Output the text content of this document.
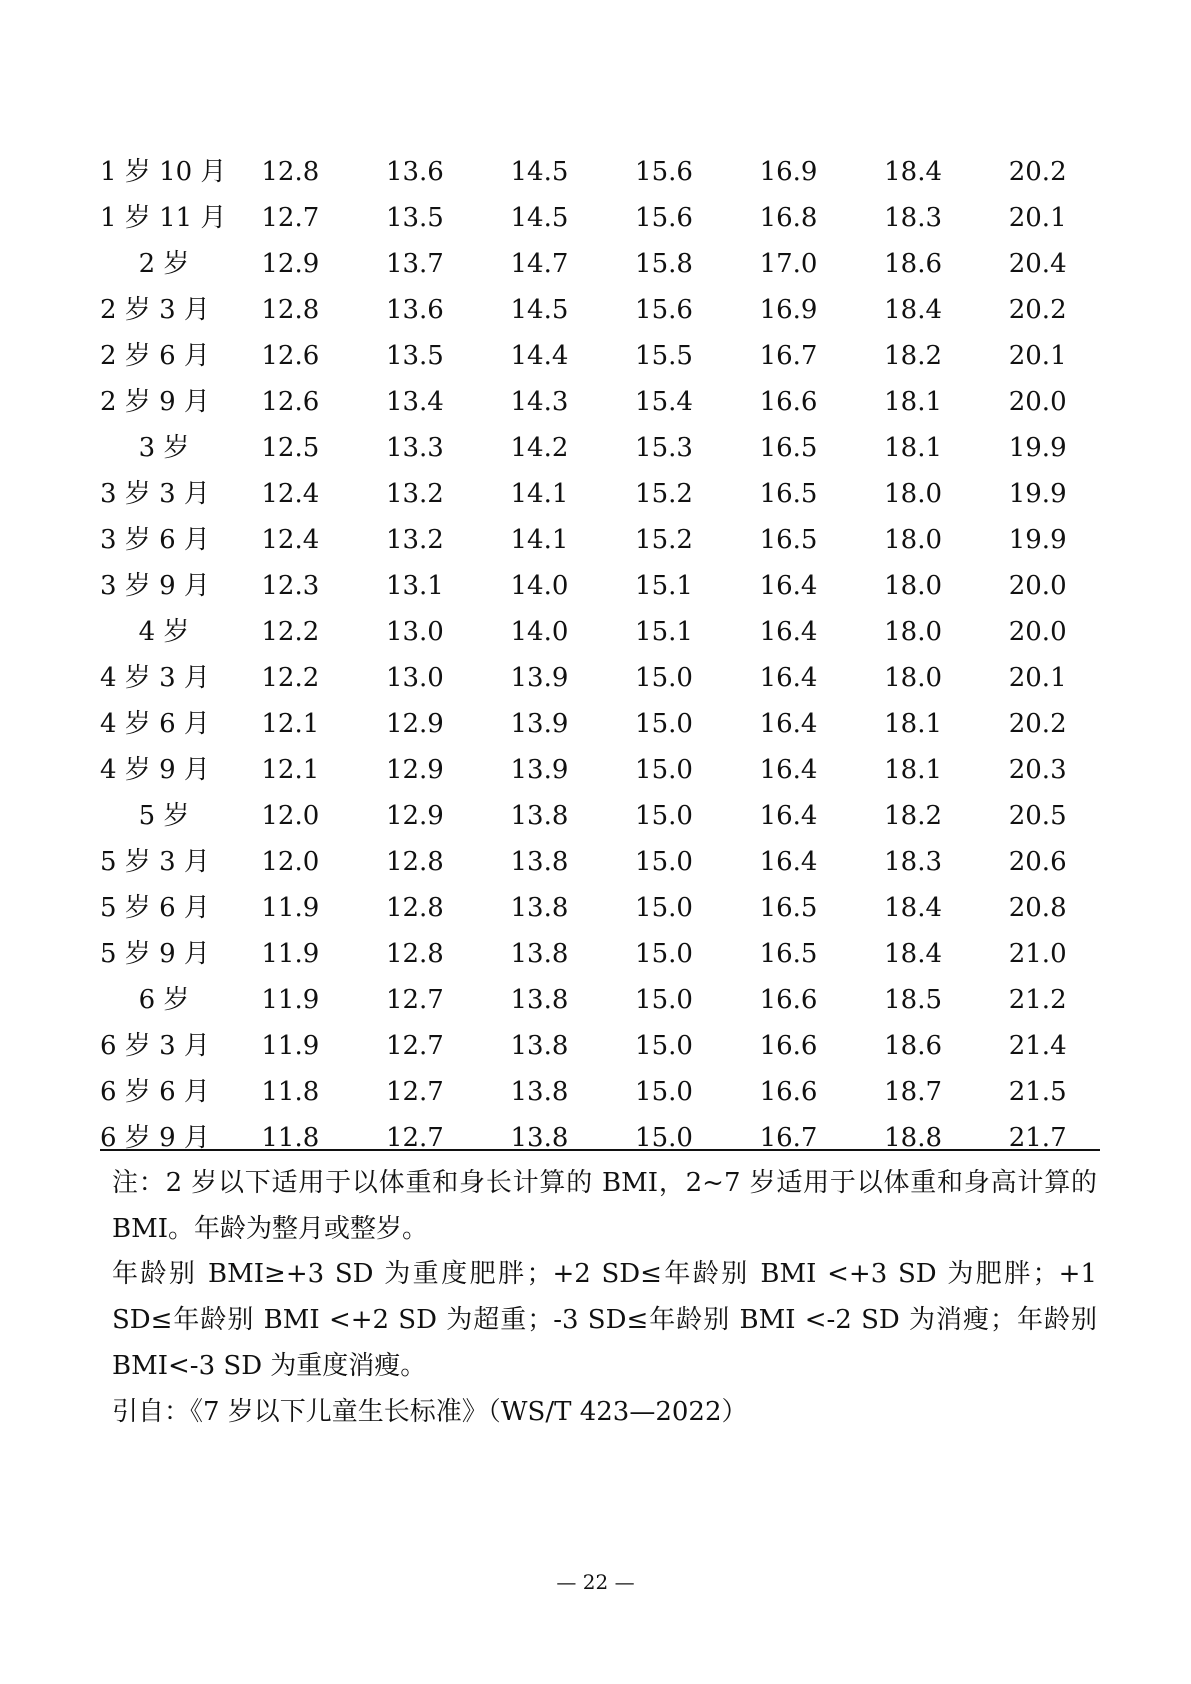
1 岁 10 月	12.8	13.6	14.5	15.6	16.9	18.4	20.2
1 岁 11 月	12.7	13.5	14.5	15.6	16.8	18.3	20.1
2 岁	12.9	13.7	14.7	15.8	17.0	18.6	20.4
2 岁 3 月	12.8	13.6	14.5	15.6	16.9	18.4	20.2
2 岁 6 月	12.6	13.5	14.4	15.5	16.7	18.2	20.1
2 岁 9 月	12.6	13.4	14.3	15.4	16.6	18.1	20.0
3 岁	12.5	13.3	14.2	15.3	16.5	18.1	19.9
3 岁 3 月	12.4	13.2	14.1	15.2	16.5	18.0	19.9
3 岁 6 月	12.4	13.2	14.1	15.2	16.5	18.0	19.9
3 岁 9 月	12.3	13.1	14.0	15.1	16.4	18.0	20.0
4 岁	12.2	13.0	14.0	15.1	16.4	18.0	20.0
4 岁 3 月	12.2	13.0	13.9	15.0	16.4	18.0	20.1
4 岁 6 月	12.1	12.9	13.9	15.0	16.4	18.1	20.2
4 岁 9 月	12.1	12.9	13.9	15.0	16.4	18.1	20.3
5 岁	12.0	12.9	13.8	15.0	16.4	18.2	20.5
5 岁 3 月	12.0	12.8	13.8	15.0	16.4	18.3	20.6
5 岁 6 月	11.9	12.8	13.8	15.0	16.5	18.4	20.8
5 岁 9 月	11.9	12.8	13.8	15.0	16.5	18.4	21.0
6 岁	11.9	12.7	13.8	15.0	16.6	18.5	21.2
6 岁 3 月	11.9	12.7	13.8	15.0	16.6	18.6	21.4
6 岁 6 月	11.8	12.7	13.8	15.0	16.6	18.7	21.5
6 岁 9 月	11.8	12.7	13.8	15.0	16.7	18.8	21.7
注：2 岁以下适用于以体重和身长计算的 BMI，2~7 岁适用于以体重和身高计算的 BMI。年龄为整月或整岁。
年龄别 BMI≥+3 SD 为重度肥胖；+2 SD≤年龄别 BMI <+3 SD 为肥胖；+1 SD≤年龄别 BMI <+2 SD 为超重；-3 SD≤年龄别 BMI <-2 SD 为消瘦；年龄别 BMI<-3 SD 为重度消瘦。
引自：《7 岁以下儿童生长标准》（WS/T 423—2022）
— 22 —
